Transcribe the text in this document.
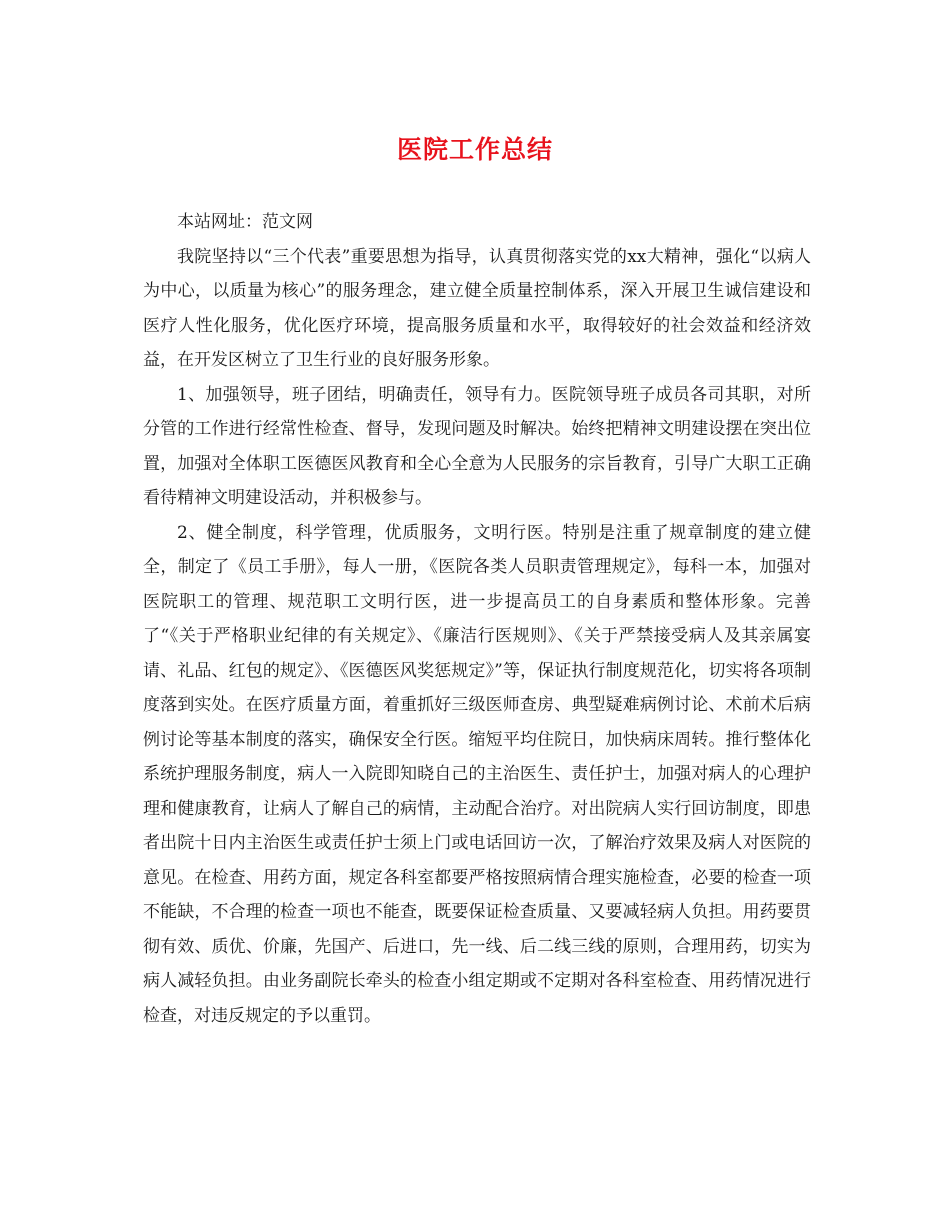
医院工作总结

本站网址：范文网

我院坚持以“三个代表”重要思想为指导，认真贯彻落实党的xx大精神，强化“以病人为中心，以质量为核心”的服务理念，建立健全质量控制体系，深入开展卫生诚信建设和医疗人性化服务，优化医疗环境，提高服务质量和水平，取得较好的社会效益和经济效益，在开发区树立了卫生行业的良好服务形象。

1、加强领导，班子团结，明确责任，领导有力。医院领导班子成员各司其职，对所分管的工作进行经常性检查、督导，发现问题及时解决。始终把精神文明建设摆在突出位置，加强对全体职工医德医风教育和全心全意为人民服务的宗旨教育，引导广大职工正确看待精神文明建设活动，并积极参与。

2、健全制度，科学管理，优质服务，文明行医。特别是注重了规章制度的建立健全，制定了《员工手册》，每人一册，《医院各类人员职责管理规定》，每科一本，加强对医院职工的管理、规范职工文明行医，进一步提高员工的自身素质和整体形象。完善了“《关于严格职业纪律的有关规定》、《廉洁行医规则》、《关于严禁接受病人及其亲属宴请、礼品、红包的规定》、《医德医风奖惩规定》”等，保证执行制度规范化，切实将各项制度落到实处。在医疗质量方面，着重抓好三级医师查房、典型疑难病例讨论、术前术后病例讨论等基本制度的落实，确保安全行医。缩短平均住院日，加快病床周转。推行整体化系统护理服务制度，病人一入院即知晓自己的主治医生、责任护士，加强对病人的心理护理和健康教育，让病人了解自己的病情，主动配合治疗。对出院病人实行回访制度，即患者出院十日内主治医生或责任护士须上门或电话回访一次，了解治疗效果及病人对医院的意见。在检查、用药方面，规定各科室都要严格按照病情合理实施检查，必要的检查一项不能缺，不合理的检查一项也不能查，既要保证检查质量、又要减轻病人负担。用药要贯彻有效、质优、价廉，先国产、后进口，先一线、后二线三线的原则，合理用药，切实为病人减轻负担。由业务副院长牵头的检查小组定期或不定期对各科室检查、用药情况进行检查，对违反规定的予以重罚。
